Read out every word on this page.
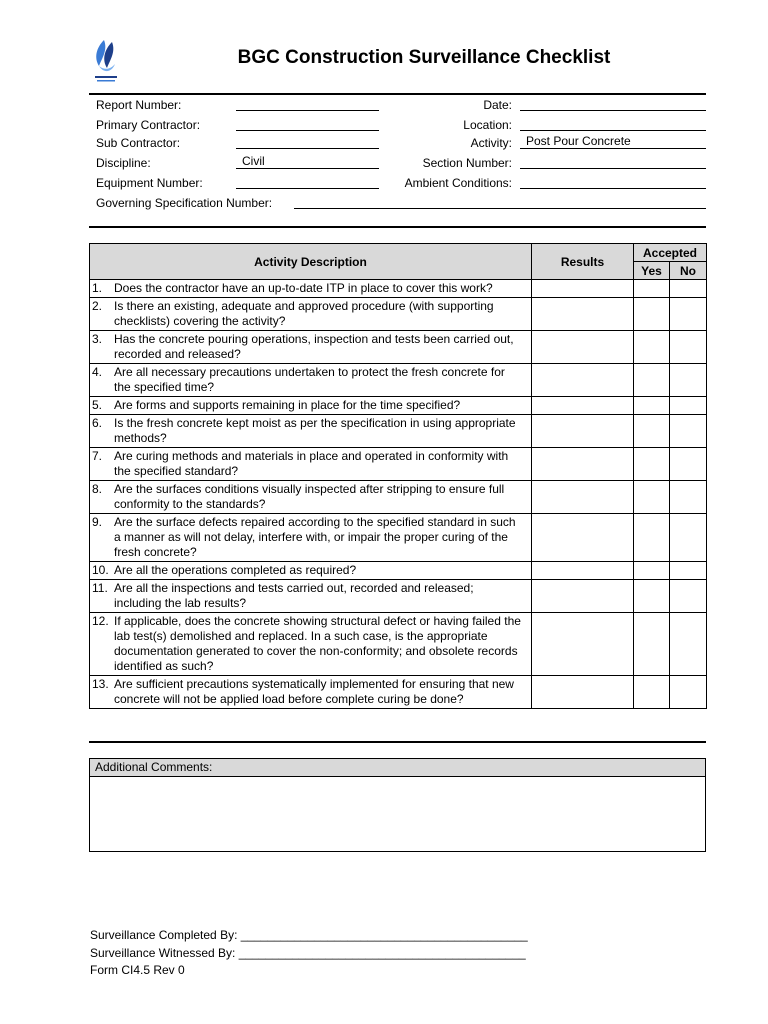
BGC Construction Surveillance Checklist
Report Number:
Primary Contractor:
Sub Contractor:
Discipline:	Civil
Equipment Number:
Governing Specification Number:
Date:
Location:
Activity:	Post Pour Concrete
Section Number:
Ambient Conditions:
Activity Description	Results	Accepted	
		Yes	No
1. Does the contractor have an up-to-date ITP in place to cover this work?			
2. Is there an existing, adequate and approved procedure (with supporting checklists) covering the activity?			
3. Has the concrete pouring operations, inspection and tests been carried out, recorded and released?			
4. Are all necessary precautions undertaken to protect the fresh concrete for the specified time?			
5. Are forms and supports remaining in place for the time specified?			
6. Is the fresh concrete kept moist as per the specification in using appropriate methods?			
7. Are curing methods and materials in place and operated in conformity with the specified standard?			
8. Are the surfaces conditions visually inspected after stripping to ensure full conformity to the standards?			
9. Are the surface defects repaired according to the specified standard in such a manner as will not delay, interfere with, or impair the proper curing of the fresh concrete?			
10. Are all the operations completed as required?			
11. Are all the inspections and tests carried out, recorded and released; including the lab results?			
12. If applicable, does the concrete showing structural defect or having failed the lab test(s) demolished and replaced. In a such case, is the appropriate documentation generated to cover the non-conformity; and obsolete records identified as such?			
13. Are sufficient precautions systematically implemented for ensuring that new concrete will not be applied load before complete curing be done?			
Additional Comments:
Surveillance Completed By: ___________________________________________
Surveillance Witnessed By: ___________________________________________
Form CI4.5 Rev 0
